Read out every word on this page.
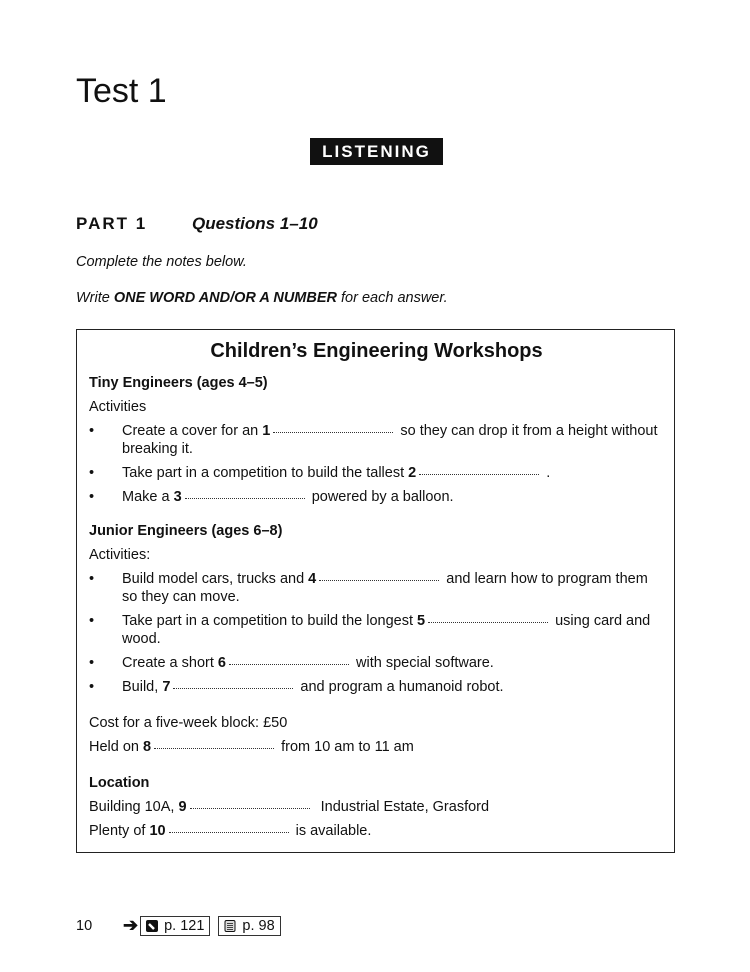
Test 1
LISTENING
PART 1	Questions 1–10
Complete the notes below.
Write ONE WORD AND/OR A NUMBER for each answer.
Children’s Engineering Workshops
Tiny Engineers (ages 4–5)
Activities
• Create a cover for an 1	so they can drop it from a height without breaking it.
• Take part in a competition to build the tallest 2	.
• Make a 3	powered by a balloon.
Junior Engineers (ages 6–8)
Activities:
• Build model cars, trucks and 4	and learn how to program them so they can move.
• Take part in a competition to build the longest 5	using card and wood.
• Create a short 6	with special software.
• Build, 7	and program a humanoid robot.
Cost for a five-week block: £50
Held on 8	from 10 am to 11 am
Location
Building 10A, 9	Industrial Estate, Grasford
Plenty of 10	is available.
10	➔ p. 121	p. 98
